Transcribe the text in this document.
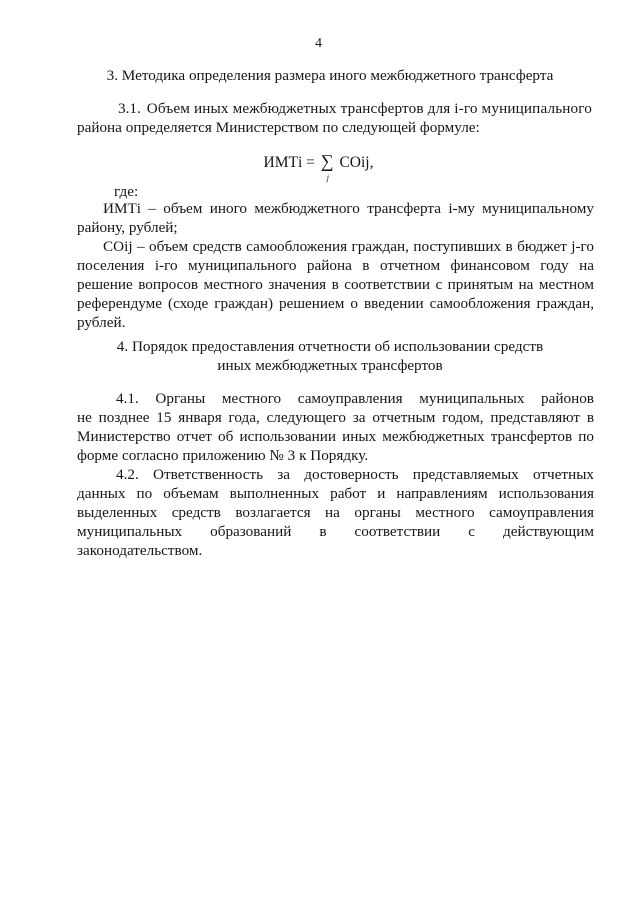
4
3. Методика определения размера иного межбюджетного трансферта
3.1. Объем иных межбюджетных трансфертов для i-го муниципального
района определяется Министерством по следующей формуле:
ИМТi = ∑
j
СОij,
где:
ИМТi – объем иного межбюджетного трансферта i-му муниципальному району, рублей;
СОij – объем средств самообложения граждан, поступивших в бюджет j-го поселения i-го муниципального района в отчетном финансовом году на решение вопросов местного значения в соответствии с принятым на местном референдуме (сходе граждан) решением о введении самообложения граждан, рублей.
4. Порядок предоставления отчетности об использовании средств
иных межбюджетных трансфертов
4.1. Органы местного самоуправления муниципальных районов
не позднее 15 января года, следующего за отчетным годом, представляют в Министерство отчет об использовании иных межбюджетных трансфертов по форме согласно приложению № 3 к Порядку.
4.2. Ответственность за достоверность представляемых отчетных данных по объемам выполненных работ и направлениям использования выделенных средств возлагается на органы местного самоуправления муниципальных образований в соответствии с действующим законодательством.
